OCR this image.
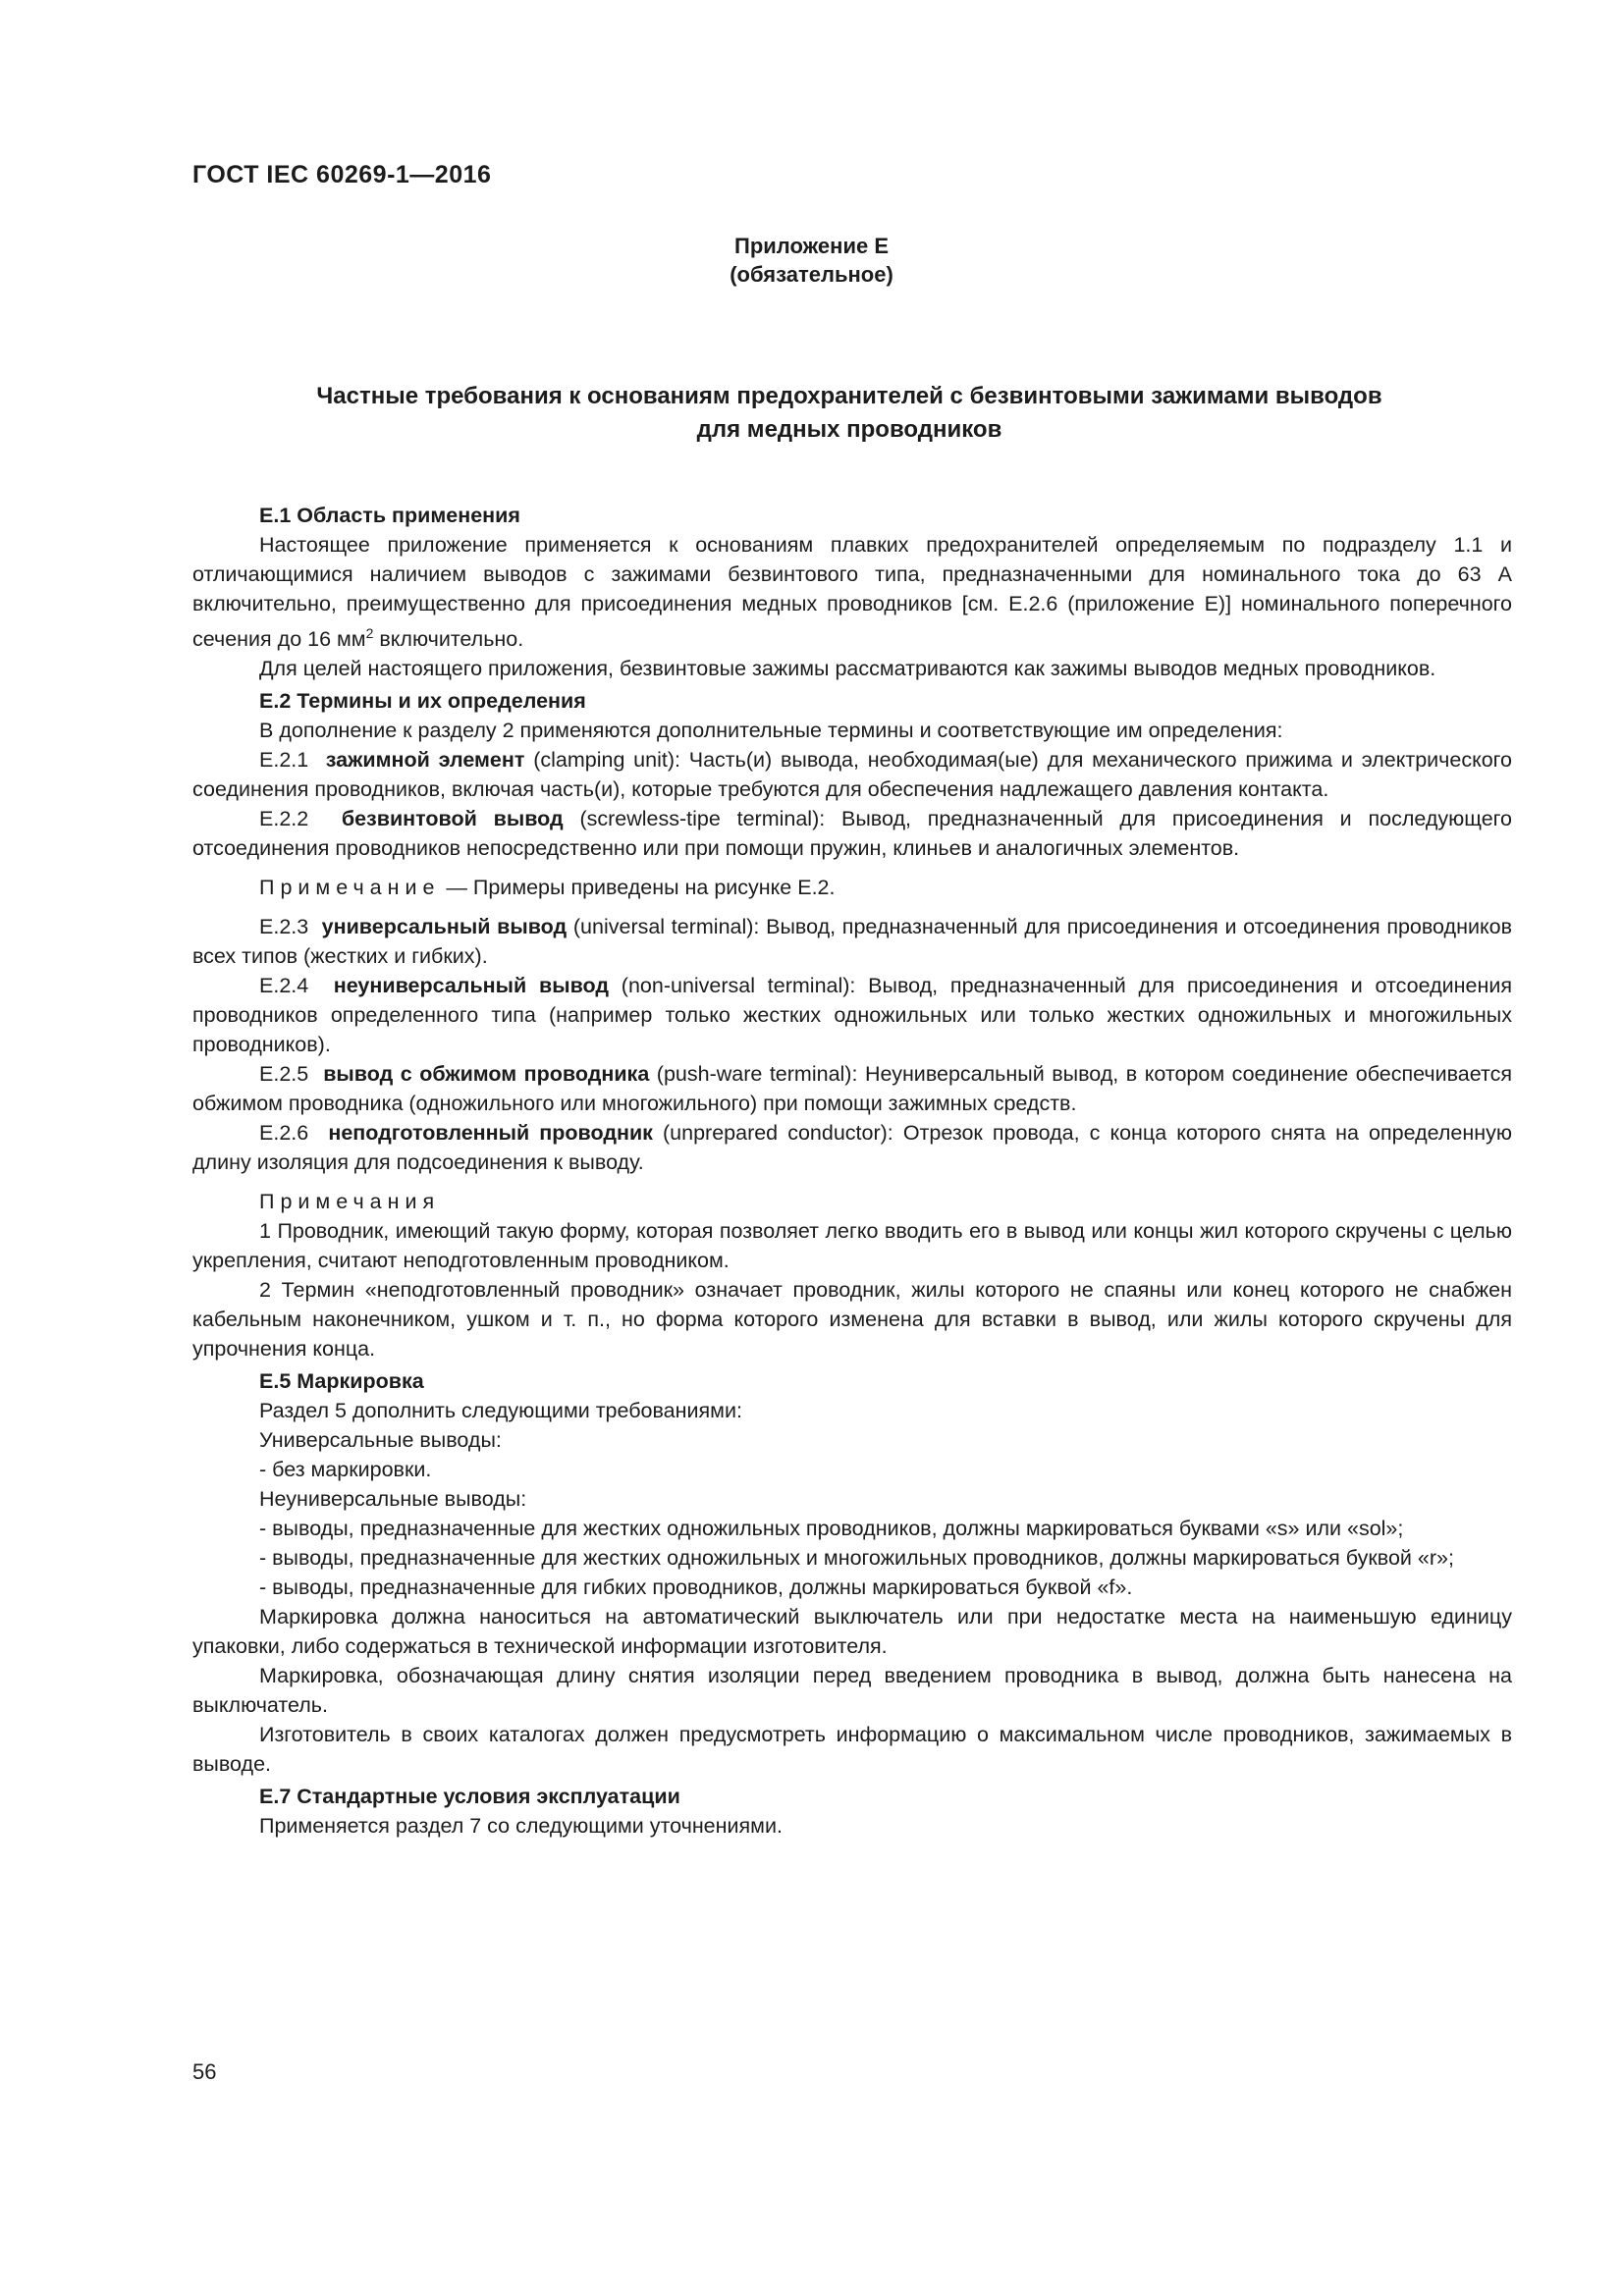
ГОСТ IEC 60269-1—2016
Приложение Е
(обязательное)
Частные требования к основаниям предохранителей с безвинтовыми зажимами выводов
для медных проводников

Е.1 Область применения

Настоящее приложение применяется к основаниям плавких предохранителей определяемым по подразделу 1.1 и отличающимися наличием выводов с зажимами безвинтового типа, предназначенными для номинального тока до 63 А включительно, преимущественно для присоединения медных проводников [см. Е.2.6 (приложение Е)] номинального поперечного сечения до 16 $мм^2$ включительно.

Для целей настоящего приложения, безвинтовые зажимы рассматриваются как зажимы выводов медных проводников.

Е.2 Термины и их определения

В дополнение к разделу 2 применяются дополнительные термины и соответствующие им определения:

Е.2.1 зажимной элемент (clamping unit): Часть(и) вывода, необходимая(ые) для механического прижима и электрического соединения проводников, включая часть(и), которые требуются для обеспечения надлежащего давления контакта.

Е.2.2 безвинтовой вывод (screwless-tipe terminal): Вывод, предназначенный для присоединения и последующего отсоединения проводников непосредственно или при помощи пружин, клиньев и аналогичных элементов.

Примечание — Примеры приведены на рисунке Е.2.

Е.2.3 универсальный вывод (universal terminal): Вывод, предназначенный для присоединения и отсоединения проводников всех типов (жестких и гибких).

Е.2.4 неуниверсальный вывод (non-universal terminal): Вывод, предназначенный для присоединения и отсоединения проводников определенного типа (например только жестких одножильных или только жестких одножильных и многожильных проводников).

Е.2.5 вывод с обжимом проводника (push-ware terminal): Неуниверсальный вывод, в котором соединение обеспечивается обжимом проводника (одножильного или многожильного) при помощи зажимных средств.

Е.2.6 неподготовленный проводник (unprepared conductor): Отрезок провода, с конца которого снята на определенную длину изоляция для подсоединения к выводу.

Примечания

1 Проводник, имеющий такую форму, которая позволяет легко вводить его в вывод или концы жил которого скручены с целью укрепления, считают неподготовленным проводником.

2 Термин «неподготовленный проводник» означает проводник, жилы которого не спаяны или конец которого не снабжен кабельным наконечником, ушком и т. п., но форма которого изменена для вставки в вывод, или жилы которого скручены для упрочнения конца.

Е.5 Маркировка

Раздел 5 дополнить следующими требованиями:

Универсальные выводы:

- без маркировки.

Неуниверсальные выводы:

- выводы, предназначенные для жестких одножильных проводников, должны маркироваться буквами «s» или «sol»;

- выводы, предназначенные для жестких одножильных и многожильных проводников, должны маркироваться буквой «r»;

- выводы, предназначенные для гибких проводников, должны маркироваться буквой «f».

Маркировка должна наноситься на автоматический выключатель или при недостатке места на наименьшую единицу упаковки, либо содержаться в технической информации изготовителя.

Маркировка, обозначающая длину снятия изоляции перед введением проводника в вывод, должна быть нанесена на выключатель.

Изготовитель в своих каталогах должен предусмотреть информацию о максимальном числе проводников, зажимаемых в выводе.

Е.7 Стандартные условия эксплуатации

Применяется раздел 7 со следующими уточнениями.

56
